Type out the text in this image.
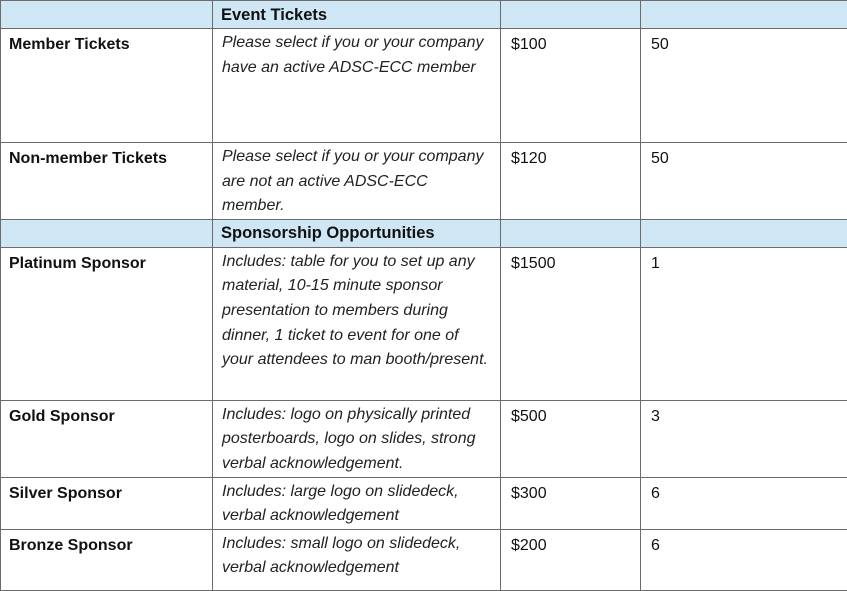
	Event Tickets		
Member Tickets	Please select if you or your company have an active ADSC-ECC member	$100	50
Non-member Tickets	Please select if you or your company are not an active ADSC-ECC member.	$120	50
	Sponsorship Opportunities		
Platinum Sponsor	Includes: table for you to set up any material, 10-15 minute sponsor presentation to members during dinner, 1 ticket to event for one of your attendees to man booth/present.	$1500	1
Gold Sponsor	Includes: logo on physically printed posterboards, logo on slides, strong verbal acknowledgement.	$500	3
Silver Sponsor	Includes: large logo on slidedeck, verbal acknowledgement	$300	6
Bronze Sponsor	Includes: small logo on slidedeck, verbal acknowledgement	$200	6
